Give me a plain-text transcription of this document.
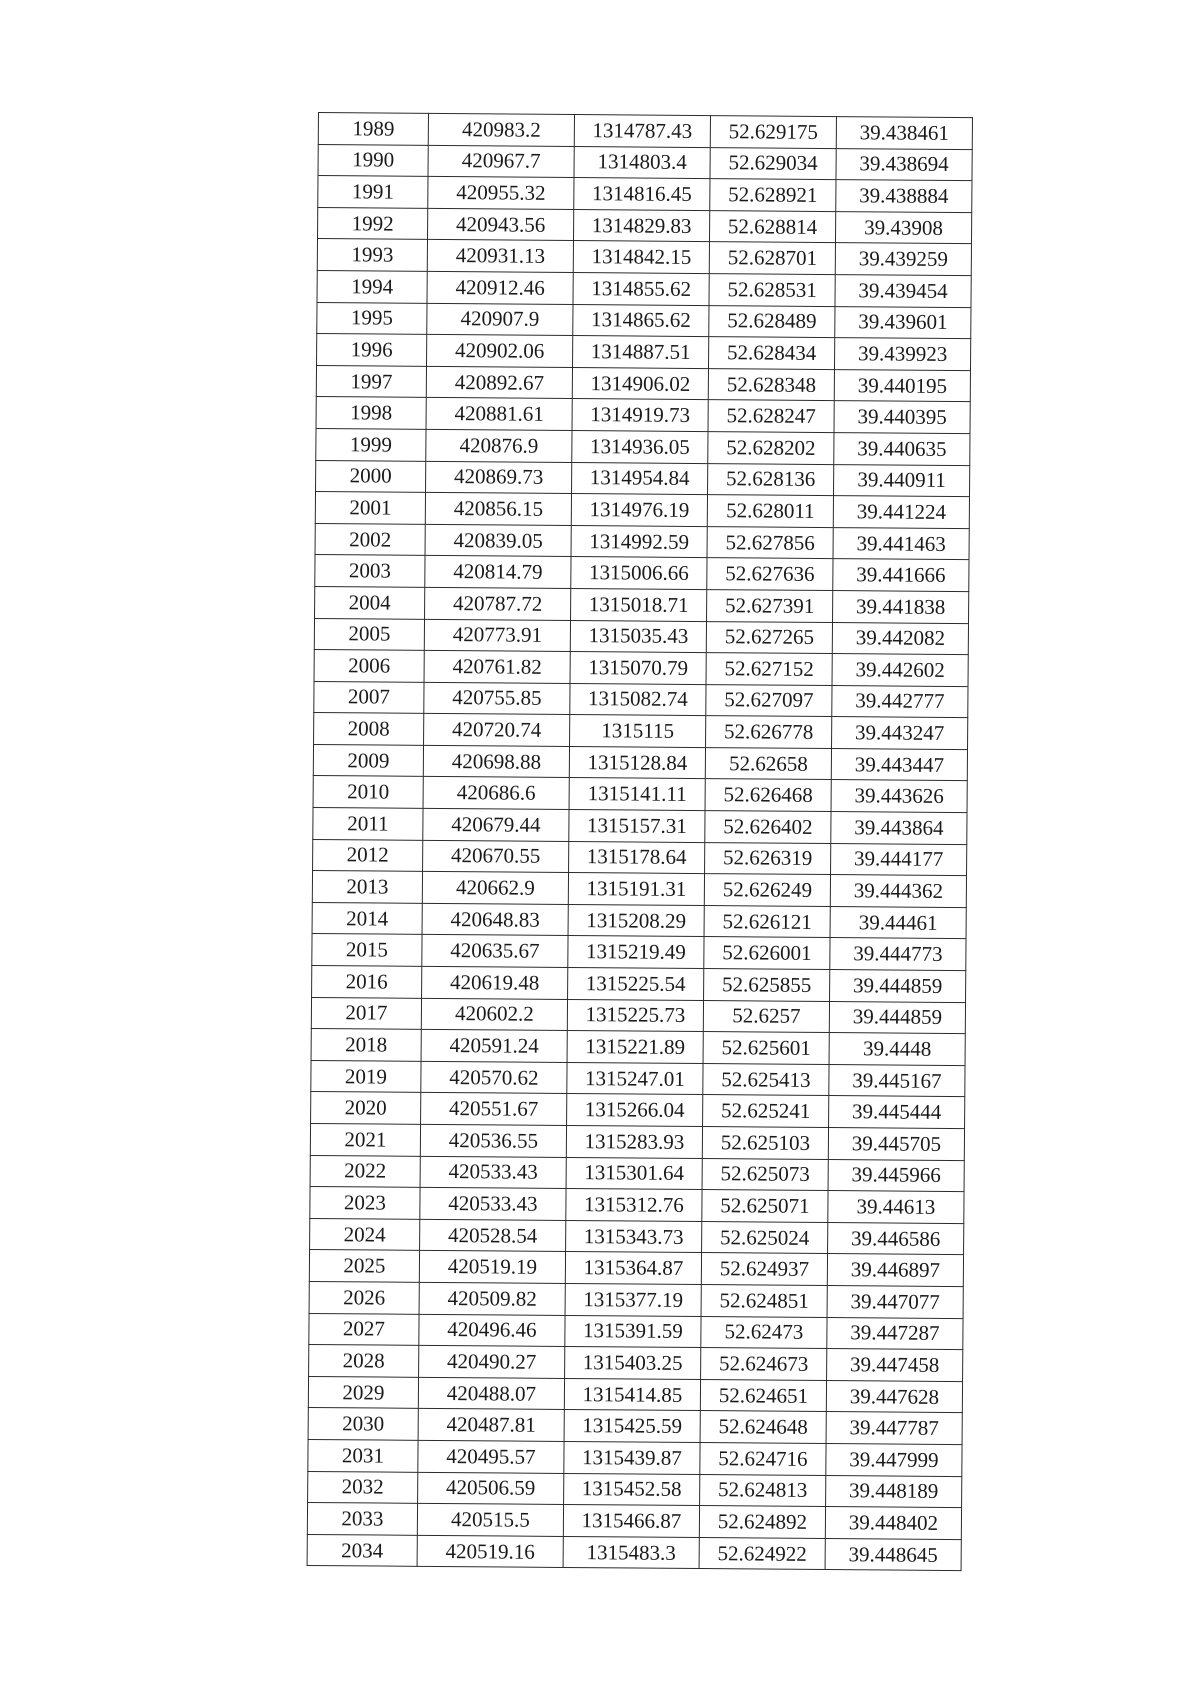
1989	420983.2	1314787.43	52.629175	39.438461
1990	420967.7	1314803.4	52.629034	39.438694
1991	420955.32	1314816.45	52.628921	39.438884
1992	420943.56	1314829.83	52.628814	39.43908
1993	420931.13	1314842.15	52.628701	39.439259
1994	420912.46	1314855.62	52.628531	39.439454
1995	420907.9	1314865.62	52.628489	39.439601
1996	420902.06	1314887.51	52.628434	39.439923
1997	420892.67	1314906.02	52.628348	39.440195
1998	420881.61	1314919.73	52.628247	39.440395
1999	420876.9	1314936.05	52.628202	39.440635
2000	420869.73	1314954.84	52.628136	39.440911
2001	420856.15	1314976.19	52.628011	39.441224
2002	420839.05	1314992.59	52.627856	39.441463
2003	420814.79	1315006.66	52.627636	39.441666
2004	420787.72	1315018.71	52.627391	39.441838
2005	420773.91	1315035.43	52.627265	39.442082
2006	420761.82	1315070.79	52.627152	39.442602
2007	420755.85	1315082.74	52.627097	39.442777
2008	420720.74	1315115	52.626778	39.443247
2009	420698.88	1315128.84	52.62658	39.443447
2010	420686.6	1315141.11	52.626468	39.443626
2011	420679.44	1315157.31	52.626402	39.443864
2012	420670.55	1315178.64	52.626319	39.444177
2013	420662.9	1315191.31	52.626249	39.444362
2014	420648.83	1315208.29	52.626121	39.44461
2015	420635.67	1315219.49	52.626001	39.444773
2016	420619.48	1315225.54	52.625855	39.444859
2017	420602.2	1315225.73	52.6257	39.444859
2018	420591.24	1315221.89	52.625601	39.4448
2019	420570.62	1315247.01	52.625413	39.445167
2020	420551.67	1315266.04	52.625241	39.445444
2021	420536.55	1315283.93	52.625103	39.445705
2022	420533.43	1315301.64	52.625073	39.445966
2023	420533.43	1315312.76	52.625071	39.44613
2024	420528.54	1315343.73	52.625024	39.446586
2025	420519.19	1315364.87	52.624937	39.446897
2026	420509.82	1315377.19	52.624851	39.447077
2027	420496.46	1315391.59	52.62473	39.447287
2028	420490.27	1315403.25	52.624673	39.447458
2029	420488.07	1315414.85	52.624651	39.447628
2030	420487.81	1315425.59	52.624648	39.447787
2031	420495.57	1315439.87	52.624716	39.447999
2032	420506.59	1315452.58	52.624813	39.448189
2033	420515.5	1315466.87	52.624892	39.448402
2034	420519.16	1315483.3	52.624922	39.448645
